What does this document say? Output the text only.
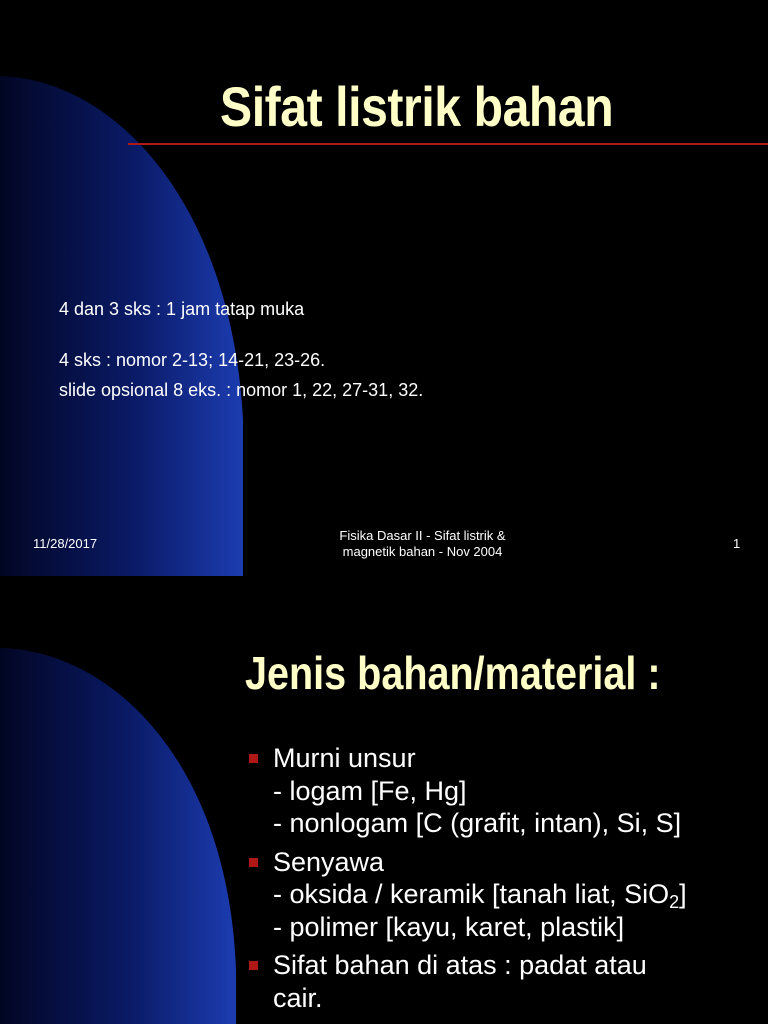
Sifat listrik bahan
4 dan 3 sks : 1 jam tatap muka
4 sks : nomor 2-13; 14-21, 23-26.
slide opsional 8 eks. : nomor 1, 22, 27-31, 32.
11/28/2017
Fisika Dasar II - Sifat listrik &
magnetik bahan - Nov 2004
1
Jenis bahan/material :
Murni unsur
- logam [Fe, Hg]
- nonlogam [C (grafit, intan), Si, S]
Senyawa
- oksida / keramik [tanah liat, SiO$_2$]
- polimer [kayu, karet, plastik]
Sifat bahan di atas : padat atau
cair.
